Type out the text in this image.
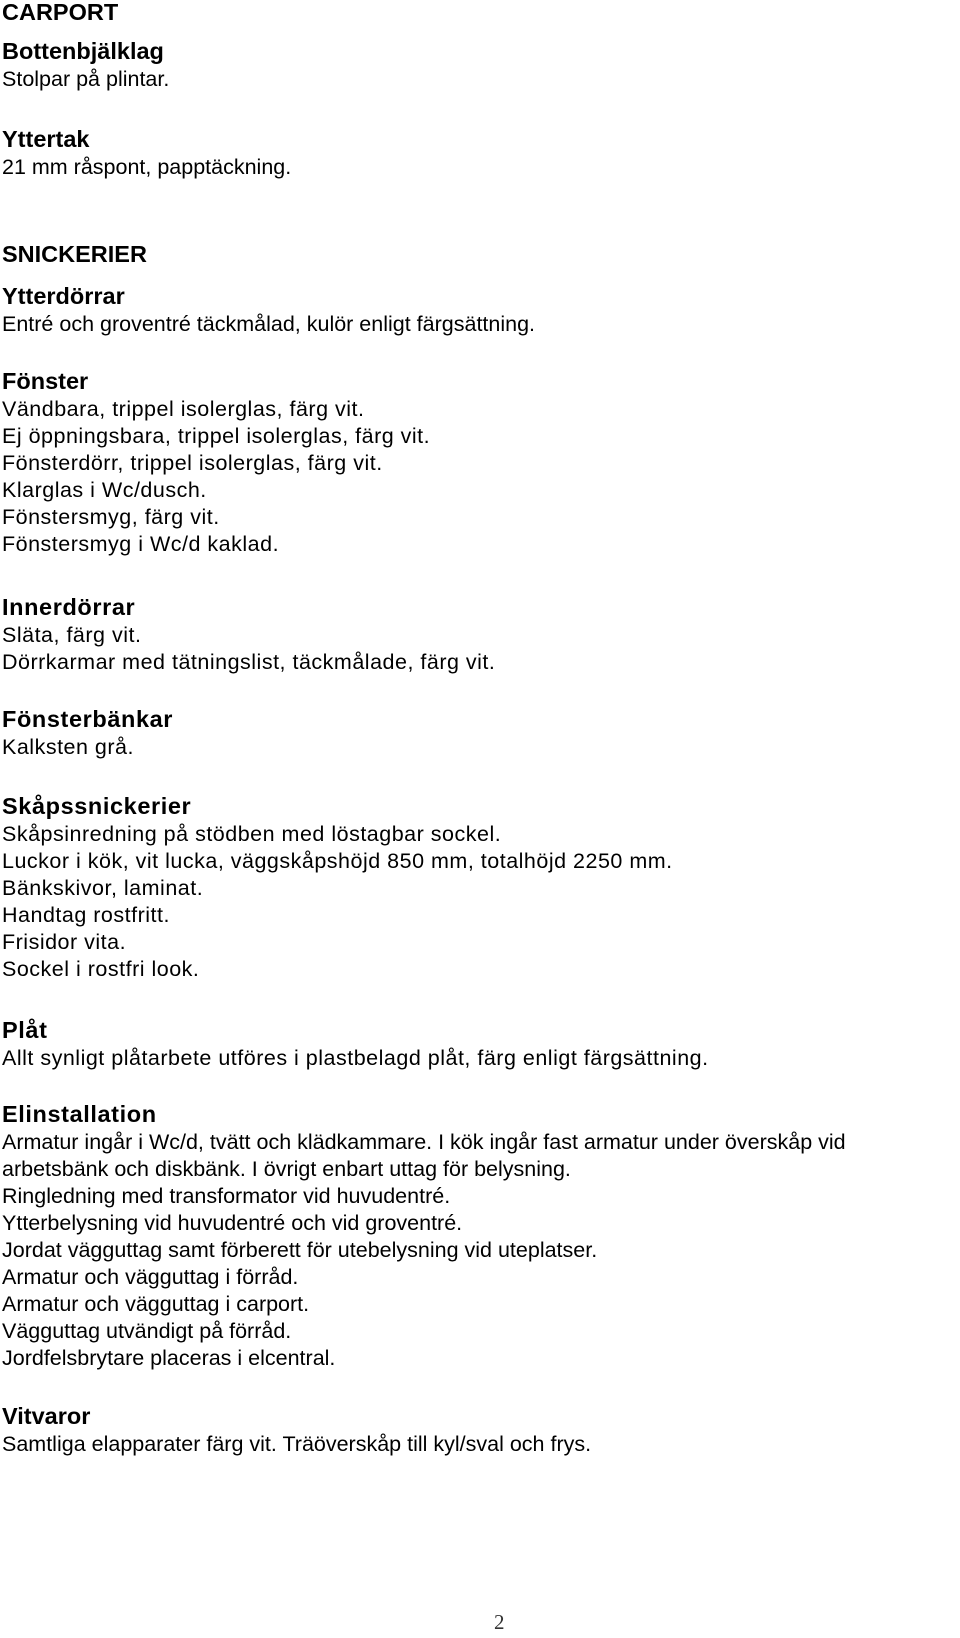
CARPORT

Bottenbjälklag

Stolpar på plintar.

Yttertak

21 mm råspont, papptäckning.

SNICKERIER

Ytterdörrar

Entré och groventré täckmålad, kulör enligt färgsättning.

Fönster

Vändbara, trippel isolerglas, färg vit.

Ej öppningsbara, trippel isolerglas, färg vit.

Fönsterdörr, trippel isolerglas, färg vit.

Klarglas i Wc/dusch.

Fönstersmyg, färg vit.

Fönstersmyg i Wc/d kaklad.

Innerdörrar

Släta, färg vit.

Dörrkarmar med tätningslist, täckmålade, färg vit.

Fönsterbänkar

Kalksten grå.

Skåpssnickerier

Skåpsinredning på stödben med löstagbar sockel.

Luckor i kök, vit lucka, väggskåpshöjd 850 mm, totalhöjd 2250 mm.

Bänkskivor, laminat.

Handtag rostfritt.

Frisidor vita.

Sockel i rostfri look.

Plåt

Allt synligt plåtarbete utföres i plastbelagd plåt, färg enligt färgsättning.

Elinstallation

Armatur ingår i Wc/d, tvätt och klädkammare. I kök ingår fast armatur under överskåp vid arbetsbänk och diskbänk. I övrigt enbart uttag för belysning.

Ringledning med transformator vid huvudentré.

Ytterbelysning vid huvudentré och vid groventré.

Jordat vägguttag samt förberett för utebelysning vid uteplatser.

Armatur och vägguttag i förråd.

Armatur och vägguttag i carport.

Vägguttag utvändigt på förråd.

Jordfelsbrytare placeras i elcentral.

Vitvaror

Samtliga elapparater färg vit. Träöverskåp till kyl/sval och frys.

2
